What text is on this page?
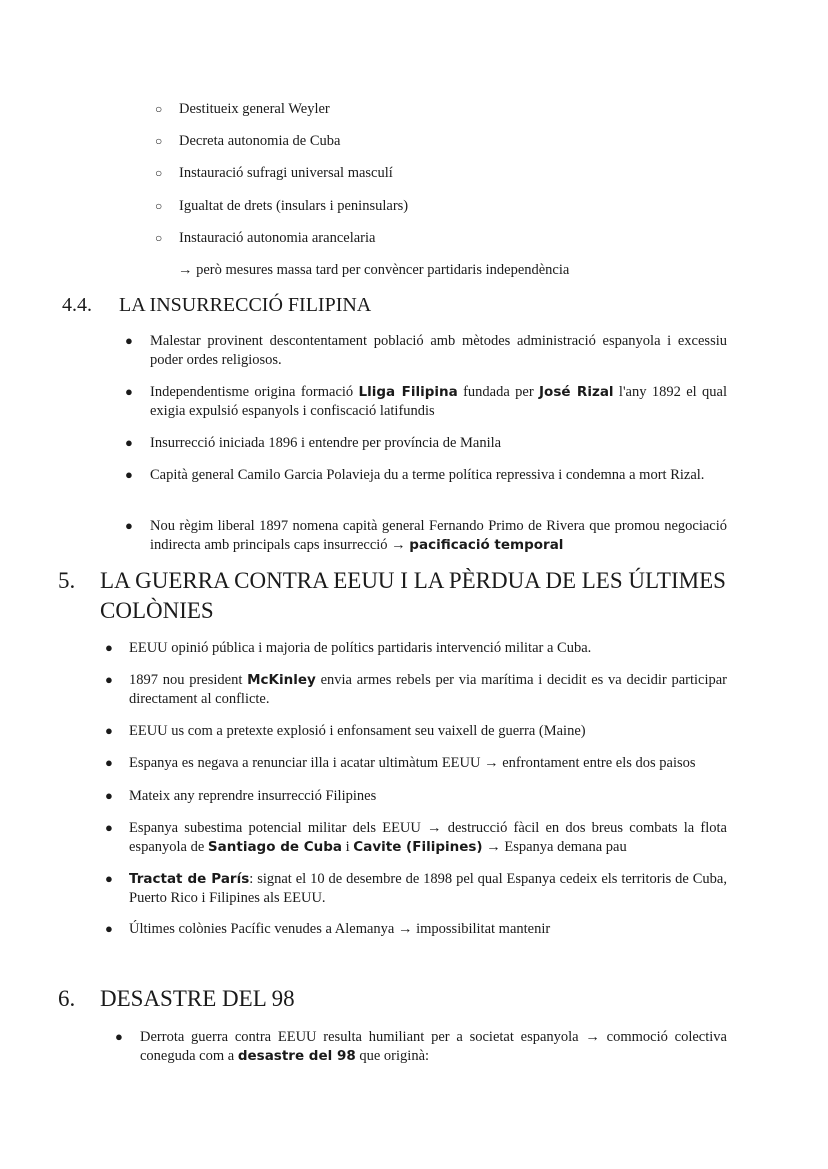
○ Destitueix general Weyler
○ Decreta autonomia de Cuba
○ Instauració sufragi universal masculí
○ Igualtat de drets (insulars i peninsulars)
○ Instauració autonomia arancelaria
→ però mesures massa tard per convèncer partidaris independència
4.4. LA INSURRECCIÓ FILIPINA
● Malestar provinent descontentament població amb mètodes administració espanyola i excessiu poder ordes religiosos.
● Independentisme origina formació Lliga Filipina fundada per José Rizal l'any 1892 el qual exigia expulsió espanyols i confiscació latifundis
● Insurrecció iniciada 1896 i entendre per província de Manila
● Capità general Camilo Garcia Polavieja du a terme política repressiva i condemna a mort Rizal.
● Nou règim liberal 1897 nomena capità general Fernando Primo de Rivera que promou negociació indirecta amb principals caps insurrecció → pacificació temporal
5. LA GUERRA CONTRA EEUU I LA PÈRDUA DE LES ÚLTIMES COLÒNIES
● EEUU opinió pública i majoria de polítics partidaris intervenció militar a Cuba.
● 1897 nou president McKinley envia armes rebels per via marítima i decidit es va decidir participar directament al conflicte.
● EEUU us com a pretexte explosió i enfonsament seu vaixell de guerra (Maine)
● Espanya es negava a renunciar illa i acatar ultimàtum EEUU → enfrontament entre els dos paisos
● Mateix any reprendre insurrecció Filipines
● Espanya subestima potencial militar dels EEUU → destrucció fàcil en dos breus combats la flota espanyola de Santiago de Cuba i Cavite (Filipines) → Espanya demana pau
● Tractat de París: signat el 10 de desembre de 1898 pel qual Espanya cedeix els territoris de Cuba, Puerto Rico i Filipines als EEUU.
● Últimes colònies Pacífic venudes a Alemanya → impossibilitat mantenir
6. DESASTRE DEL 98
● Derrota guerra contra EEUU resulta humiliant per a societat espanyola → commoció colectiva coneguda com a desastre del 98 que originà:
